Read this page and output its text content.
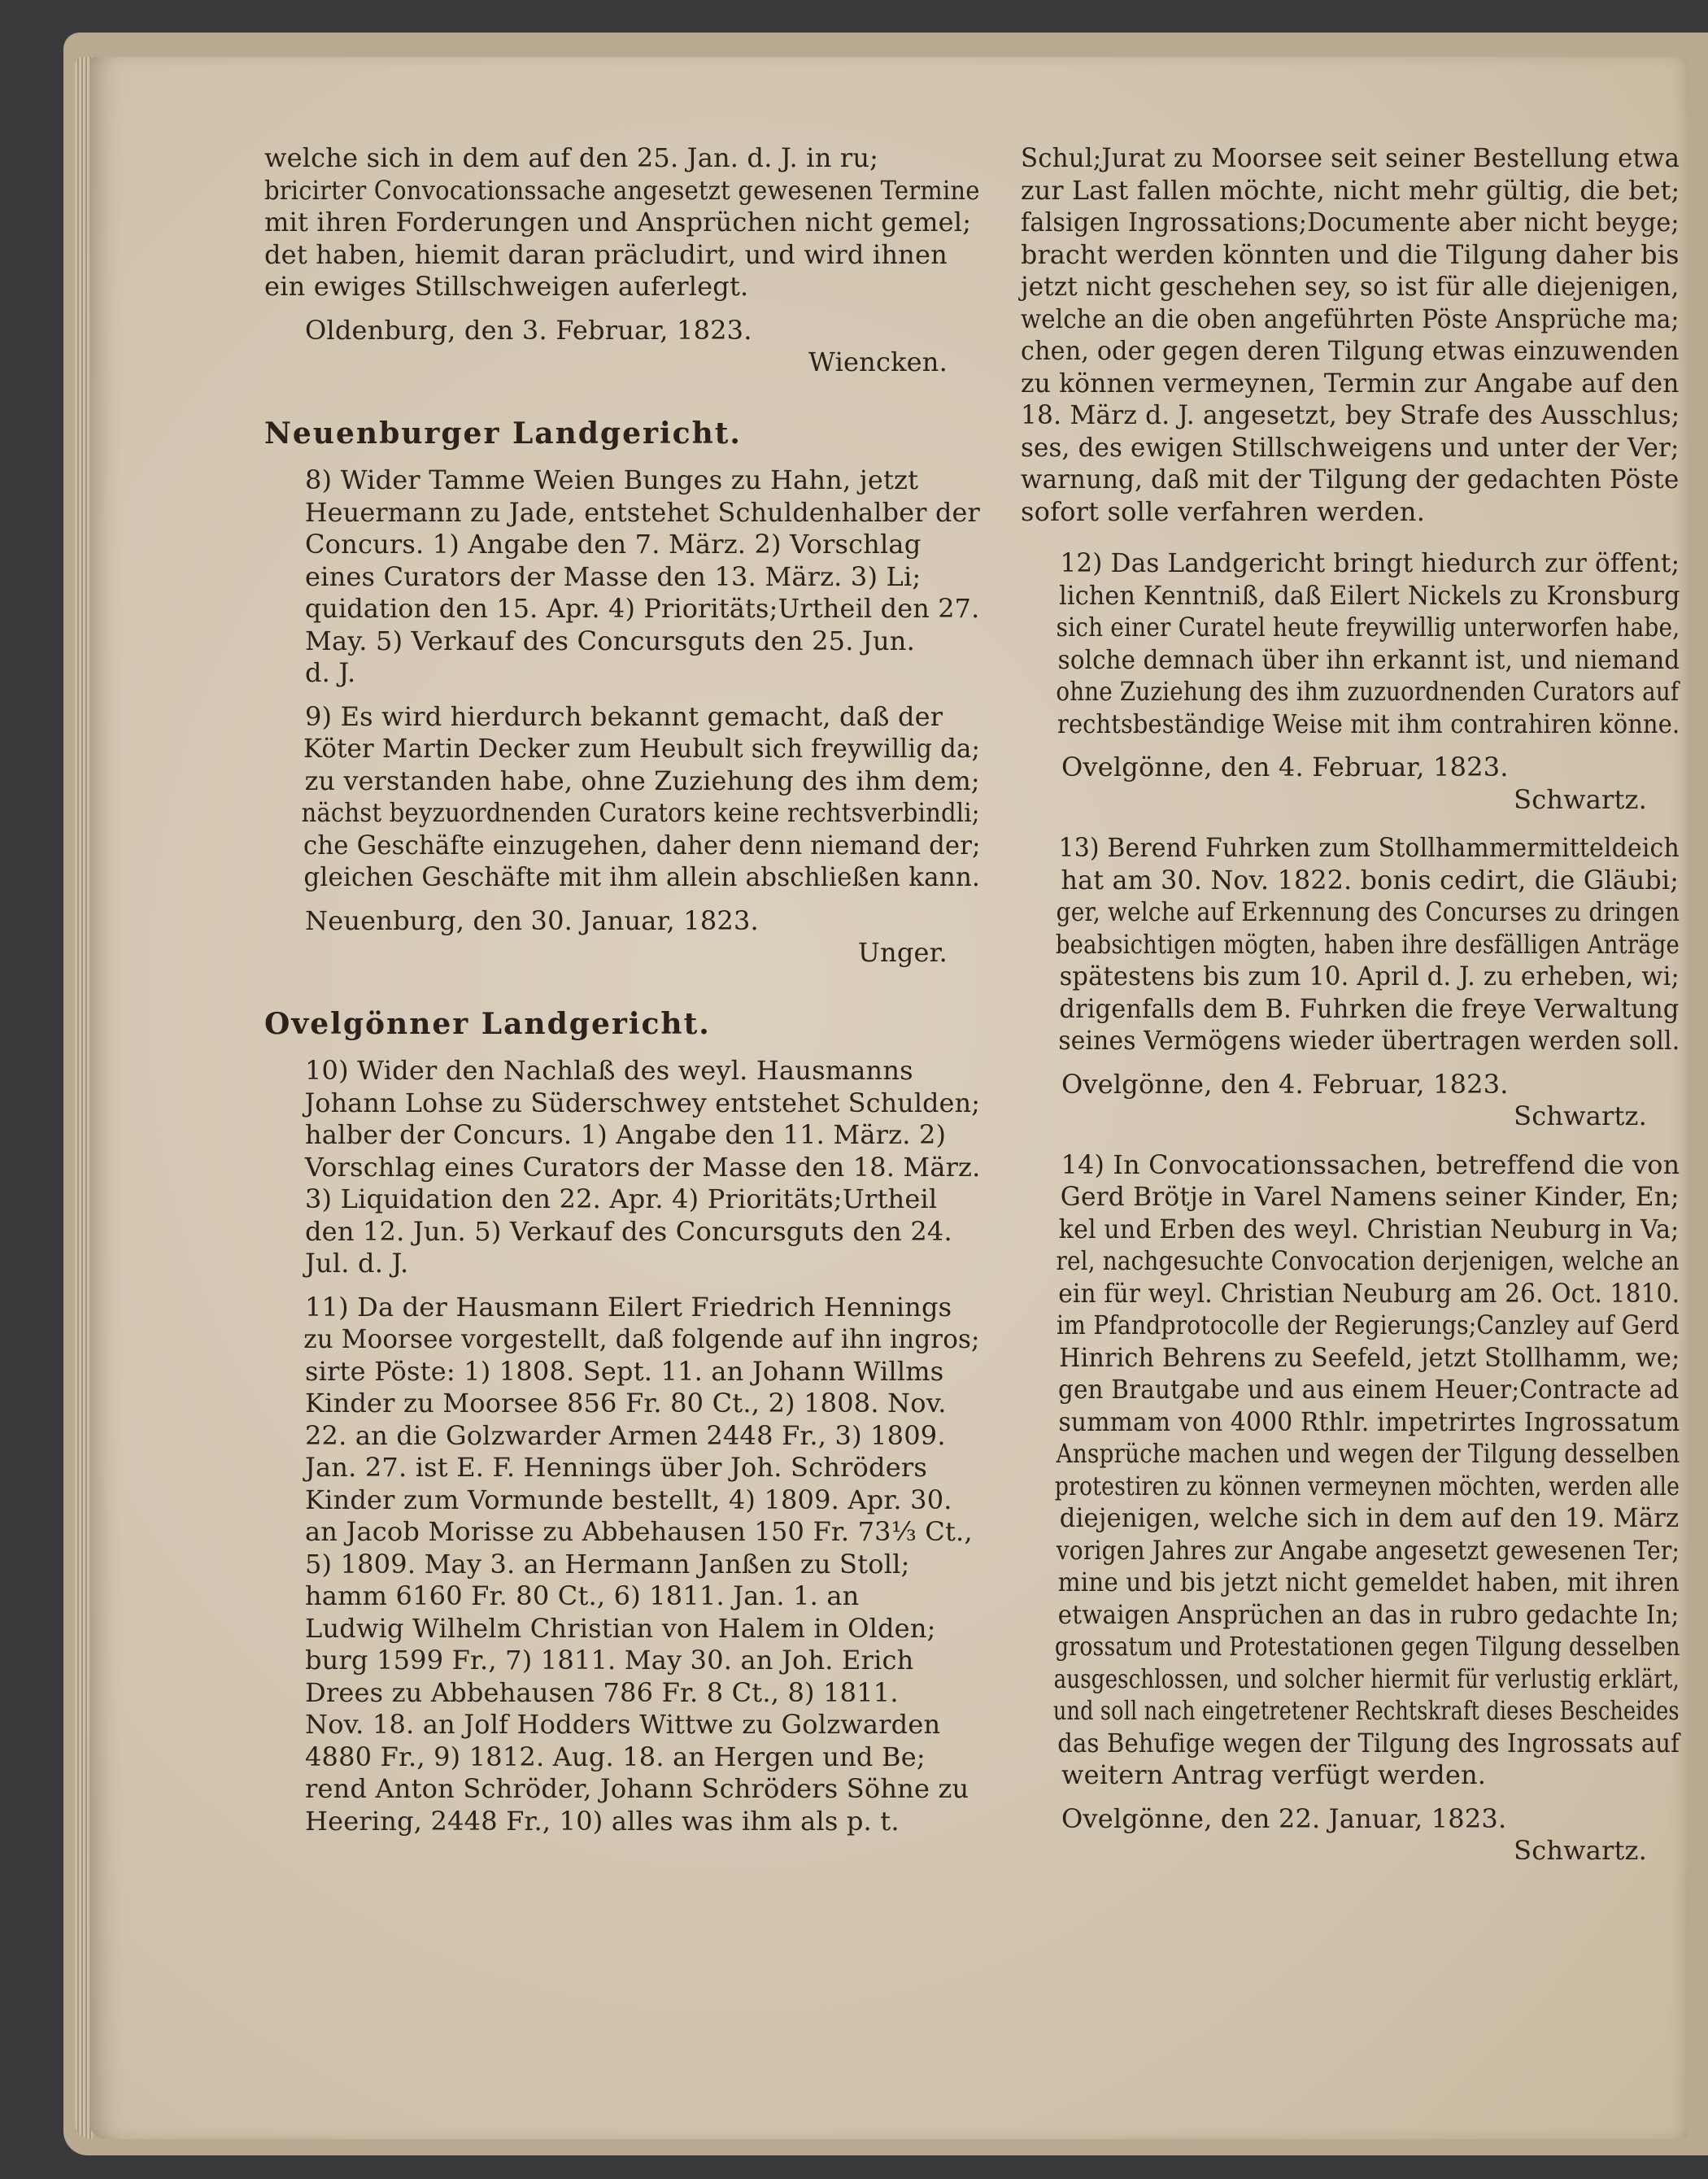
welche sich in dem auf den 25. Jan. d. J. in ru;
bricirter Convocationssache angesetzt gewesenen Termine
mit ihren Forderungen und Ansprüchen nicht gemel;
det haben, hiemit daran präcludirt, und wird ihnen
ein ewiges Stillschweigen auferlegt.

Oldenburg, den 3. Februar, 1823.

Wiencken.

Neuenburger Landgericht.
8) Wider Tamme Weien Bunges zu Hahn, jetzt
Heuermann zu Jade, entstehet Schuldenhalber der
Concurs. 1) Angabe den 7. März. 2) Vorschlag
eines Curators der Masse den 13. März. 3) Li;
quidation den 15. Apr. 4) Prioritäts;Urtheil den 27.
May. 5) Verkauf des Concursguts den 25. Jun.
d. J.
9) Es wird hierdurch bekannt gemacht, daß der
Köter Martin Decker zum Heubult sich freywillig da;
zu verstanden habe, ohne Zuziehung des ihm dem;
nächst beyzuordnenden Curators keine rechtsverbindli;
che Geschäfte einzugehen, daher denn niemand der;
gleichen Geschäfte mit ihm allein abschließen kann.

Neuenburg, den 30. Januar, 1823.

Unger.

Ovelgönner Landgericht.
10) Wider den Nachlaß des weyl. Hausmanns
Johann Lohse zu Süderschwey entstehet Schulden;
halber der Concurs. 1) Angabe den 11. März. 2)
Vorschlag eines Curators der Masse den 18. März.
3) Liquidation den 22. Apr. 4) Prioritäts;Urtheil
den 12. Jun. 5) Verkauf des Concursguts den 24.
Jul. d. J.
11) Da der Hausmann Eilert Friedrich Hennings
zu Moorsee vorgestellt, daß folgende auf ihn ingros;
sirte Pöste: 1) 1808. Sept. 11. an Johann Willms
Kinder zu Moorsee 856 Fr. 80 Ct., 2) 1808. Nov.
22. an die Golzwarder Armen 2448 Fr., 3) 1809.
Jan. 27. ist E. F. Hennings über Joh. Schröders
Kinder zum Vormunde bestellt, 4) 1809. Apr. 30.
an Jacob Morisse zu Abbehausen 150 Fr. 73⅓ Ct.,
5) 1809. May 3. an Hermann Janßen zu Stoll;
hamm 6160 Fr. 80 Ct., 6) 1811. Jan. 1. an
Ludwig Wilhelm Christian von Halem in Olden;
burg 1599 Fr., 7) 1811. May 30. an Joh. Erich
Drees zu Abbehausen 786 Fr. 8 Ct., 8) 1811.
Nov. 18. an Jolf Hodders Wittwe zu Golzwarden
4880 Fr., 9) 1812. Aug. 18. an Hergen und Be;
rend Anton Schröder, Johann Schröders Söhne zu
Heering, 2448 Fr., 10) alles was ihm als p. t.
Schul;Jurat zu Moorsee seit seiner Bestellung etwa
zur Last fallen möchte, nicht mehr gültig, die bet;
falsigen Ingrossations;Documente aber nicht beyge;
bracht werden könnten und die Tilgung daher bis
jetzt nicht geschehen sey, so ist für alle diejenigen,
welche an die oben angeführten Pöste Ansprüche ma;
chen, oder gegen deren Tilgung etwas einzuwenden
zu können vermeynen, Termin zur Angabe auf den
18. März d. J. angesetzt, bey Strafe des Ausschlus;
ses, des ewigen Stillschweigens und unter der Ver;
warnung, daß mit der Tilgung der gedachten Pöste
sofort solle verfahren werden.
12) Das Landgericht bringt hiedurch zur öffent;
lichen Kenntniß, daß Eilert Nickels zu Kronsburg
sich einer Curatel heute freywillig unterworfen habe,
solche demnach über ihn erkannt ist, und niemand
ohne Zuziehung des ihm zuzuordnenden Curators auf
rechtsbeständige Weise mit ihm contrahiren könne.

Ovelgönne, den 4. Februar, 1823.

Schwartz.

13) Berend Fuhrken zum Stollhammermitteldeich
hat am 30. Nov. 1822. bonis cedirt, die Gläubi;
ger, welche auf Erkennung des Concurses zu dringen
beabsichtigen mögten, haben ihre desfälligen Anträge
spätestens bis zum 10. April d. J. zu erheben, wi;
drigenfalls dem B. Fuhrken die freye Verwaltung
seines Vermögens wieder übertragen werden soll.

Ovelgönne, den 4. Februar, 1823.

Schwartz.

14) In Convocationssachen, betreffend die von
Gerd Brötje in Varel Namens seiner Kinder, En;
kel und Erben des weyl. Christian Neuburg in Va;
rel, nachgesuchte Convocation derjenigen, welche an
ein für weyl. Christian Neuburg am 26. Oct. 1810.
im Pfandprotocolle der Regierungs;Canzley auf Gerd
Hinrich Behrens zu Seefeld, jetzt Stollhamm, we;
gen Brautgabe und aus einem Heuer;Contracte ad
summam von 4000 Rthlr. impetrirtes Ingrossatum
Ansprüche machen und wegen der Tilgung desselben
protestiren zu können vermeynen möchten, werden alle
diejenigen, welche sich in dem auf den 19. März
vorigen Jahres zur Angabe angesetzt gewesenen Ter;
mine und bis jetzt nicht gemeldet haben, mit ihren
etwaigen Ansprüchen an das in rubro gedachte In;
grossatum und Protestationen gegen Tilgung desselben
ausgeschlossen, und solcher hiermit für verlustig erklärt,
und soll nach eingetretener Rechtskraft dieses Bescheides
das Behufige wegen der Tilgung des Ingrossats auf
weitern Antrag verfügt werden.

Ovelgönne, den 22. Januar, 1823.

Schwartz.
